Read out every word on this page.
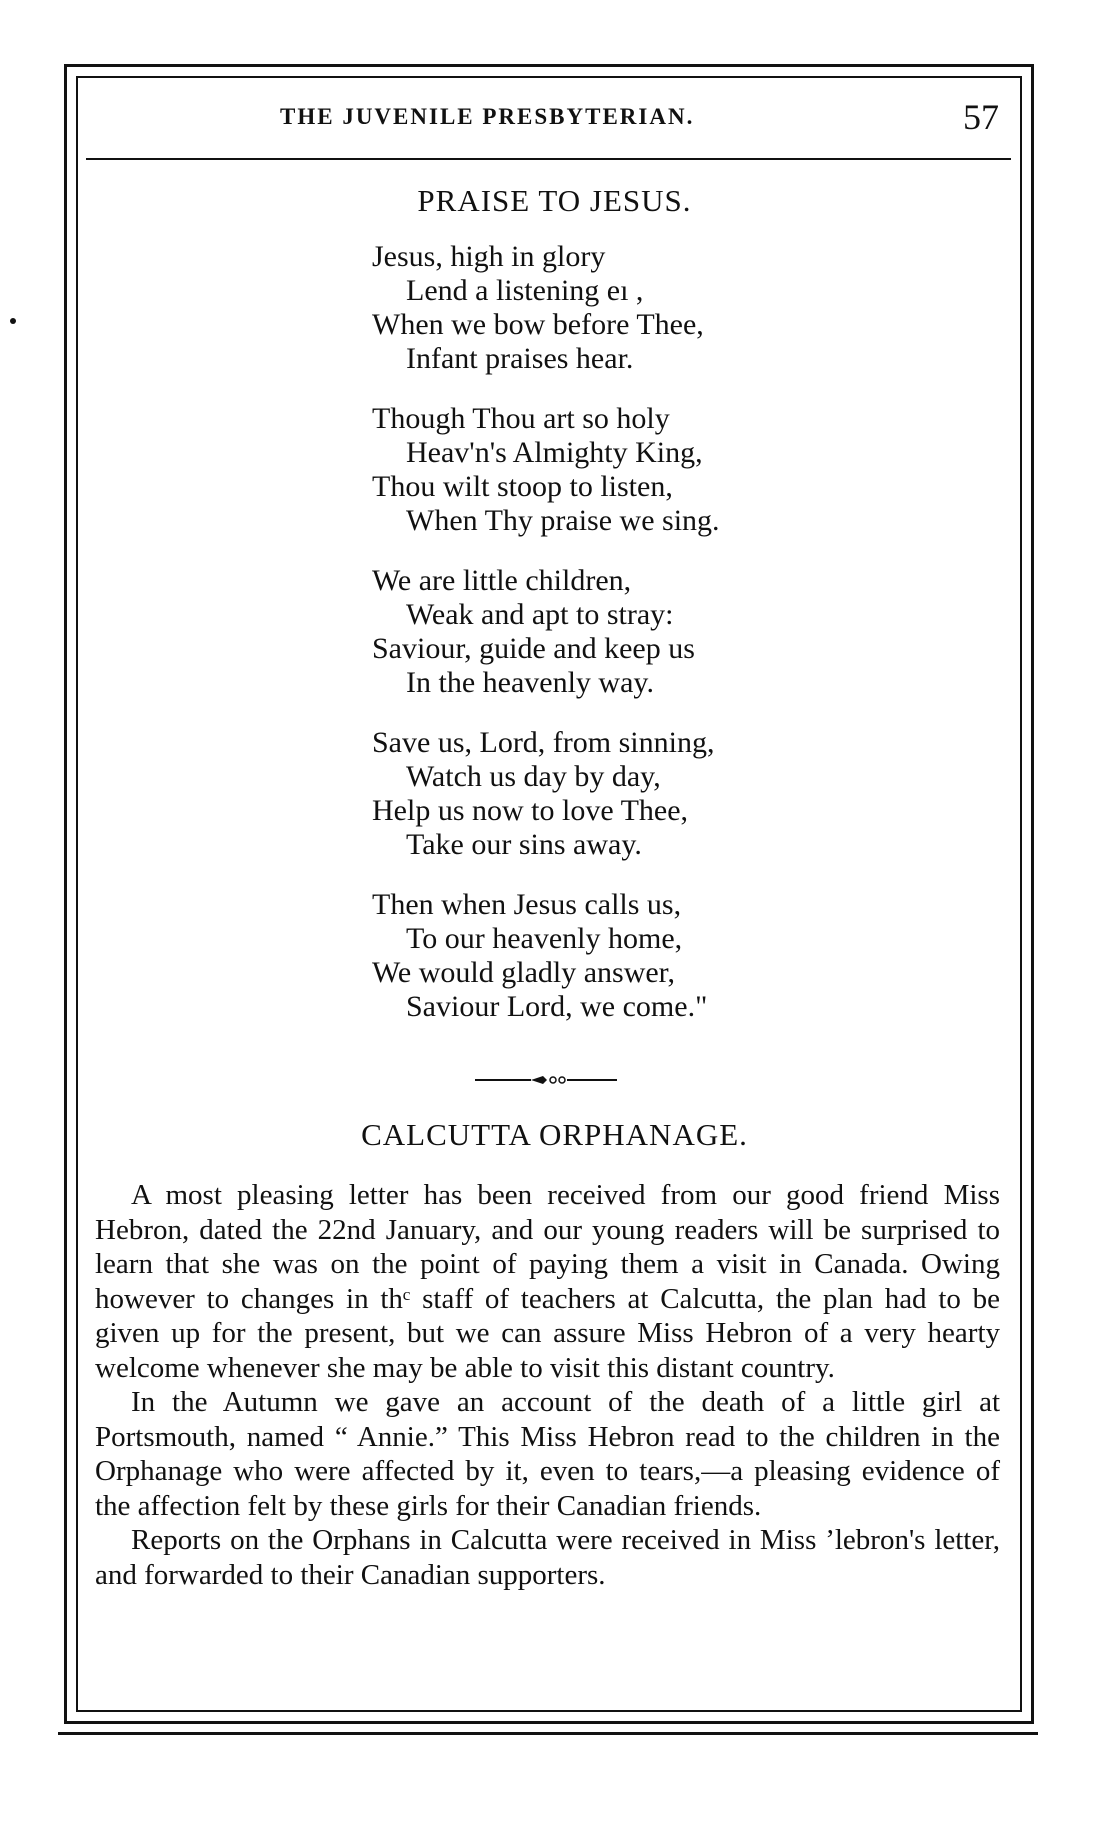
THE JUVENILE PRESBYTERIAN.	57
PRAISE TO JESUS.
Jesus, high in glory
Lend a listening eı ,
When we bow before Thee,
Infant praises hear.
Though Thou art so holy
Heav'n's Almighty King,
Thou wilt stoop to listen,
When Thy praise we sing.
We are little children,
Weak and apt to stray:
Saviour, guide and keep us
In the heavenly way.
Save us, Lord, from sinning,
Watch us day by day,
Help us now to love Thee,
Take our sins away.
Then when Jesus calls us,
To our heavenly home,
We would gladly answer,
Saviour Lord, we come."
CALCUTTA ORPHANAGE.

A most pleasing letter has been received from our good friend Miss Hebron, dated the 22nd January, and our young readers will be surprised to learn that she was on the point of paying them a visit in Canada. Owing however to changes in thᶜ staff of teachers at Calcutta, the plan had to be given up for the present, but we can assure Miss Hebron of a very hearty welcome whenever she may be able to visit this distant country.

In the Autumn we gave an account of the death of a little girl at Portsmouth, named “ Annie.” This Miss Hebron read to the children in the Orphanage who were affected by it, even to tears,—a pleasing evidence of the affection felt by these girls for their Canadian friends.

Reports on the Orphans in Calcutta were received in Miss ʼlebron's letter, and forwarded to their Canadian supporters.
